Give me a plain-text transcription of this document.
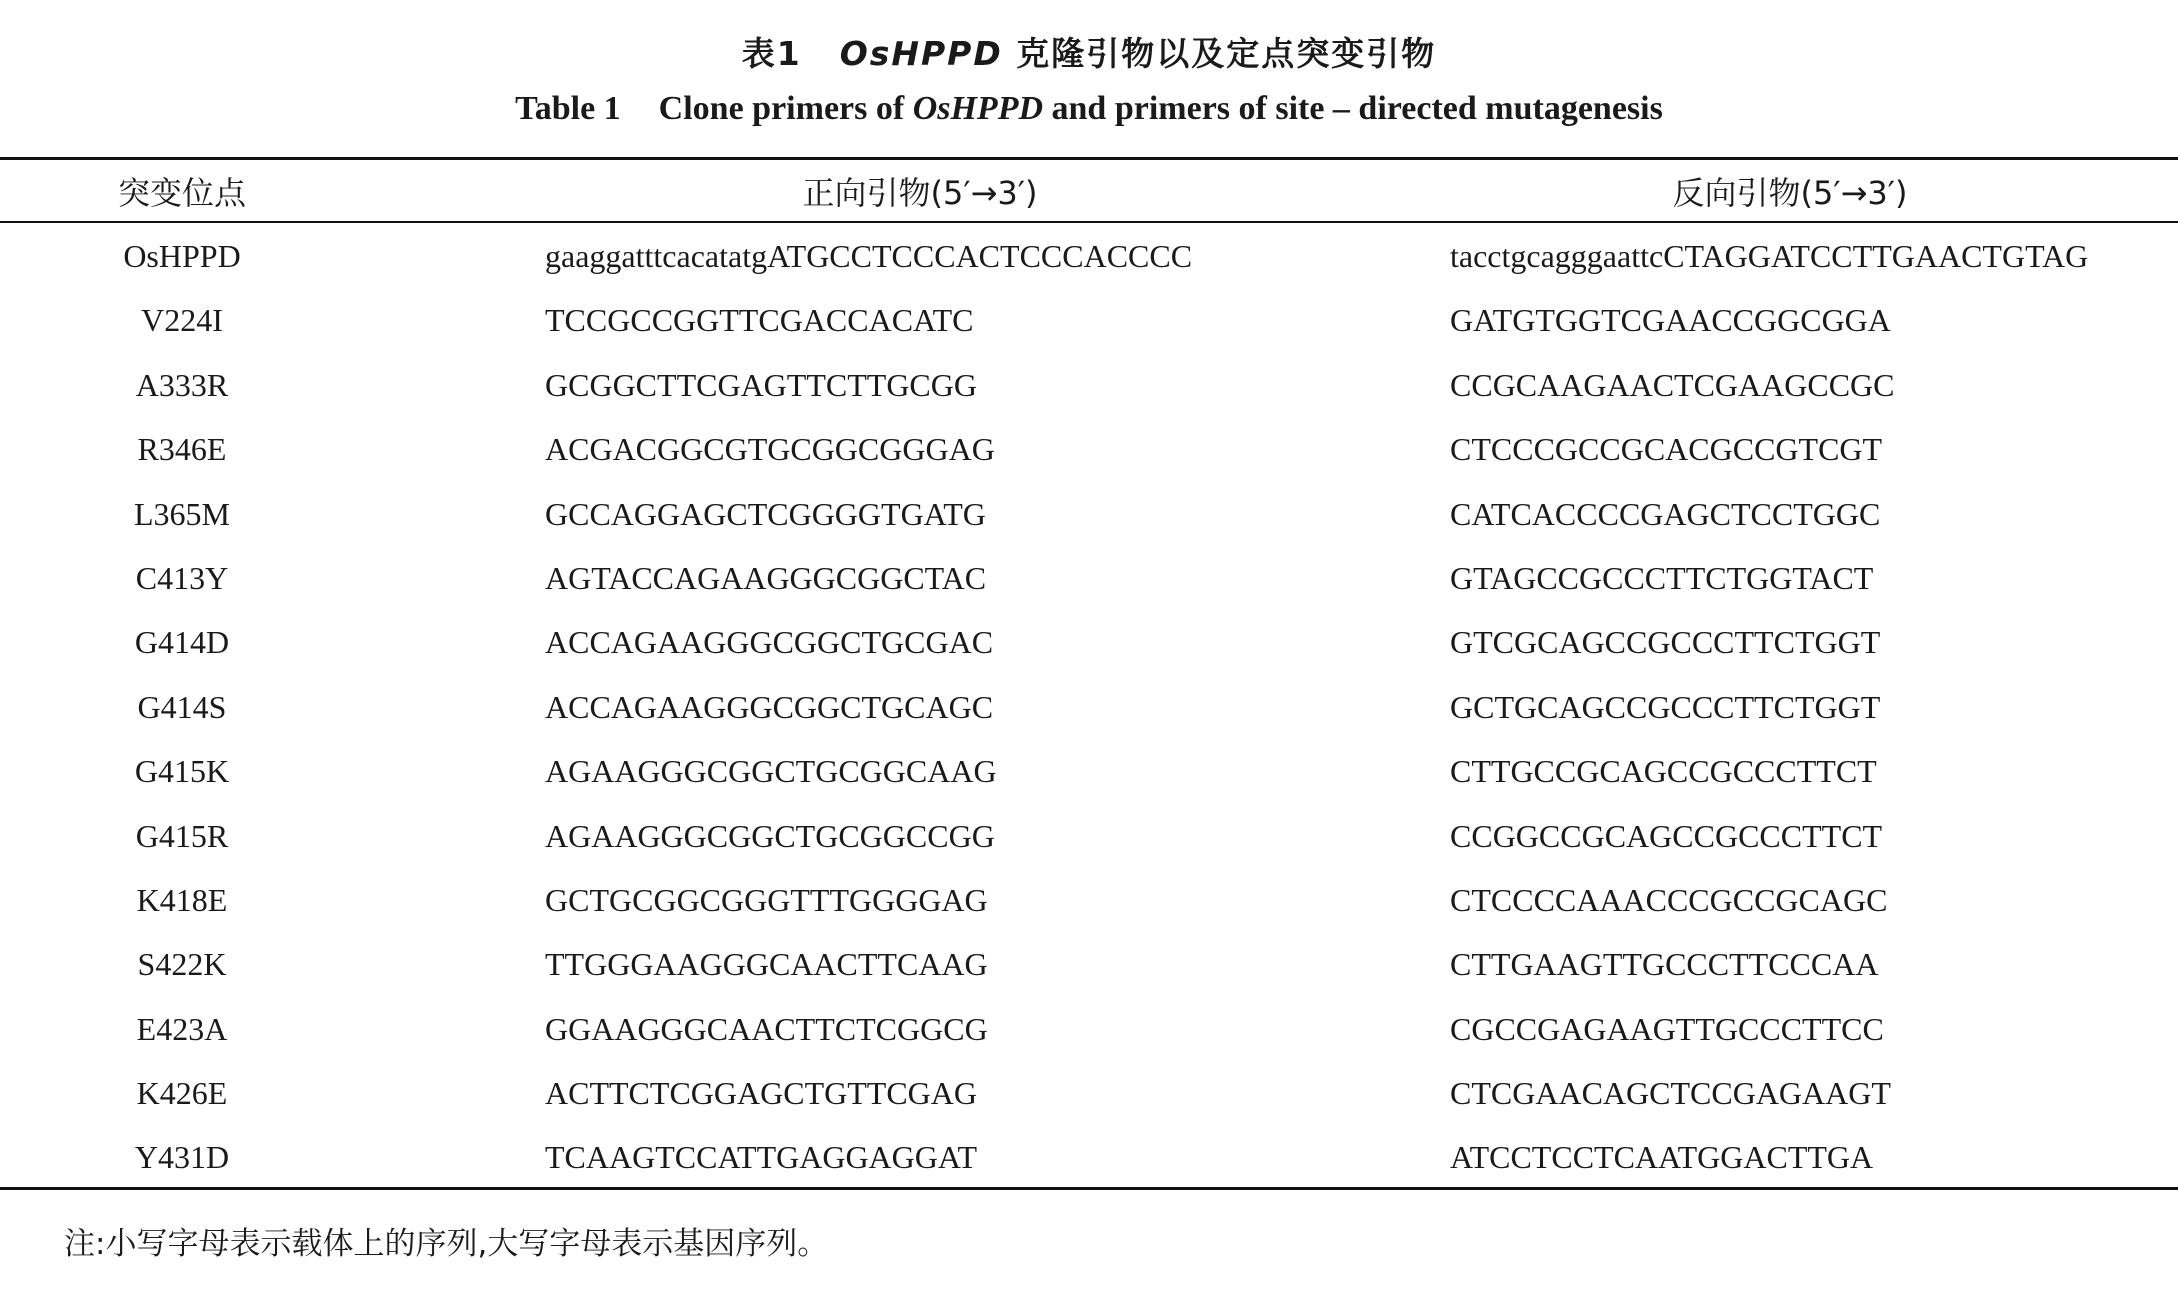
表1 OsHPPD 克隆引物以及定点突变引物
Table 1 Clone primers of OsHPPD and primers of site – directed mutagenesis
突变位点	正向引物(5′→3′)	反向引物(5′→3′)
OsHPPD	gaaggatttcacatatgATGCCTCCCACTCCCACCCC	tacctgcagggaattcCTAGGATCCTTGAACTGTAG
V224I	TCCGCCGGTTCGACCACATC	GATGTGGTCGAACCGGCGGA
A333R	GCGGCTTCGAGTTCTTGCGG	CCGCAAGAACTCGAAGCCGC
R346E	ACGACGGCGTGCGGCGGGAG	CTCCCGCCGCACGCCGTCGT
L365M	GCCAGGAGCTCGGGGTGATG	CATCACCCCGAGCTCCTGGC
C413Y	AGTACCAGAAGGGCGGCTAC	GTAGCCGCCCTTCTGGTACT
G414D	ACCAGAAGGGCGGCTGCGAC	GTCGCAGCCGCCCTTCTGGT
G414S	ACCAGAAGGGCGGCTGCAGC	GCTGCAGCCGCCCTTCTGGT
G415K	AGAAGGGCGGCTGCGGCAAG	CTTGCCGCAGCCGCCCTTCT
G415R	AGAAGGGCGGCTGCGGCCGG	CCGGCCGCAGCCGCCCTTCT
K418E	GCTGCGGCGGGTTTGGGGAG	CTCCCCAAACCCGCCGCAGC
S422K	TTGGGAAGGGCAACTTCAAG	CTTGAAGTTGCCCTTCCCAA
E423A	GGAAGGGCAACTTCTCGGCG	CGCCGAGAAGTTGCCCTTCC
K426E	ACTTCTCGGAGCTGTTCGAG	CTCGAACAGCTCCGAGAAGT
Y431D	TCAAGTCCATTGAGGAGGAT	ATCCTCCTCAATGGACTTGA
注:小写字母表示载体上的序列,大写字母表示基因序列。
